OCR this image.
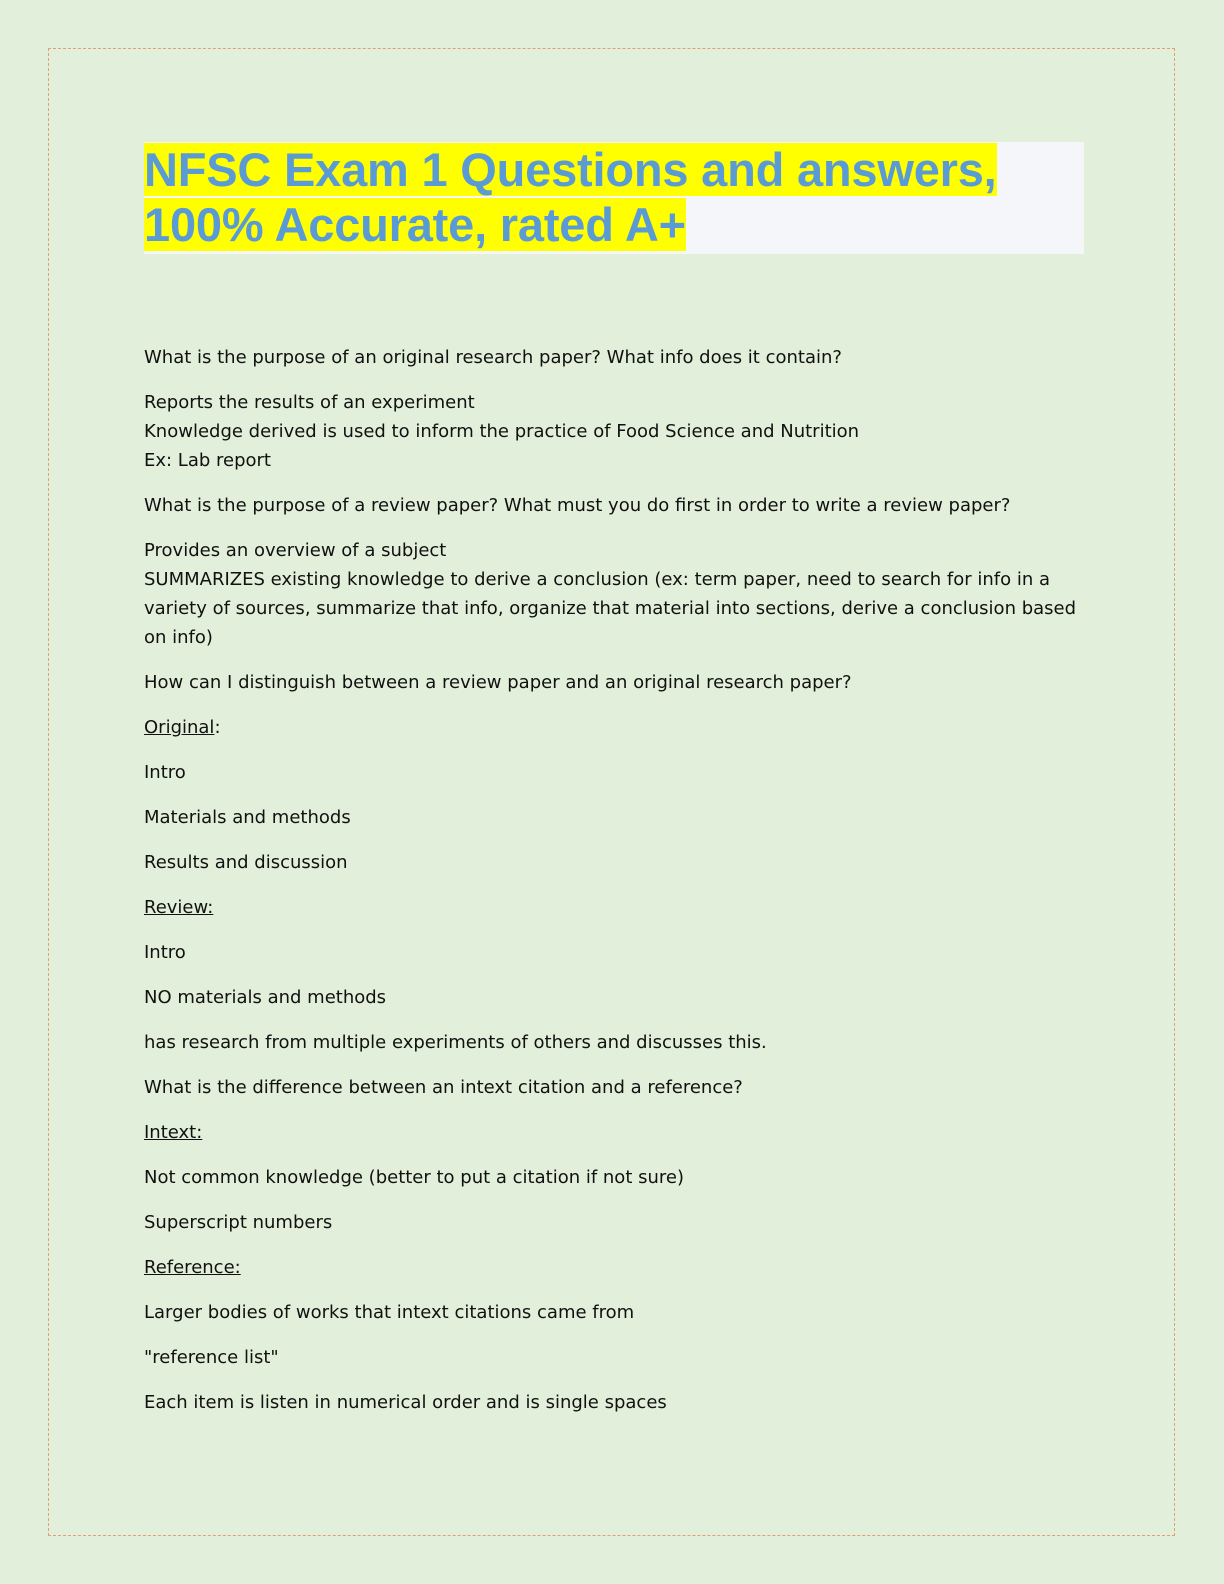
NFSC Exam 1 Questions and answers,
100% Accurate, rated A+

What is the purpose of an original research paper? What info does it contain?

Reports the results of an experiment

Knowledge derived is used to inform the practice of Food Science and Nutrition

Ex: Lab report

What is the purpose of a review paper? What must you do first in order to write a review paper?

Provides an overview of a subject

SUMMARIZES existing knowledge to derive a conclusion (ex: term paper, need to search for info in a variety of sources, summarize that info, organize that material into sections, derive a conclusion based on info)

How can I distinguish between a review paper and an original research paper?

Original:

Intro

Materials and methods

Results and discussion

Review:

Intro

NO materials and methods

has research from multiple experiments of others and discusses this.

What is the difference between an intext citation and a reference?

Intext:

Not common knowledge (better to put a citation if not sure)

Superscript numbers

Reference:

Larger bodies of works that intext citations came from

"reference list"

Each item is listen in numerical order and is single spaces
